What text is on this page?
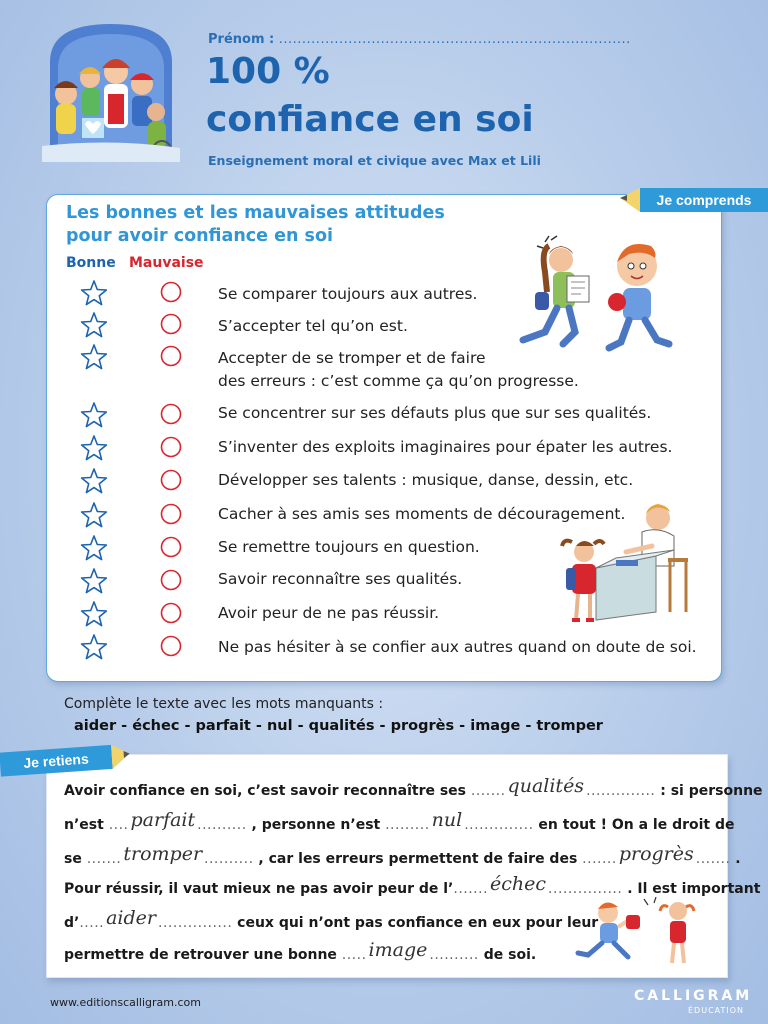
Prénom : ............................................................................
100 %
confiance en soi
Enseignement moral et civique avec Max et Lili
Je comprends
Les bonnes et les mauvaises attitudes
pour avoir confiance en soi
Bonne Mauvaise
Se comparer toujours aux autres.
S’accepter tel qu’on est.
Accepter de se tromper et de faire
des erreurs : c’est comme ça qu’on progresse.
Se concentrer sur ses défauts plus que sur ses qualités.
S’inventer des exploits imaginaires pour épater les autres.
Développer ses talents : musique, danse, dessin, etc.
Cacher à ses amis ses moments de découragement.
Se remettre toujours en question.
Savoir reconnaître ses qualités.
Avoir peur de ne pas réussir.
Ne pas hésiter à se confier aux autres quand on doute de soi.
Complète le texte avec les mots manquants :
aider - échec - parfait - nul - qualités - progrès - image - tromper
Je retiens
Avoir confiance en soi, c’est savoir reconnaître ses ....... qualités .............. : si personne
n’est .... parfait .......... , personne n’est ......... nul .............. en tout ! On a le droit de
se ....... tromper .......... , car les erreurs permettent de faire des ....... progrès ....... .
Pour réussir, il vaut mieux ne pas avoir peur de l’....... échec ............... . Il est important
d’..... aider ............... ceux qui n’ont pas confiance en eux pour leur
permettre de retrouver une bonne ..... image .......... de soi.
www.editionscalligram.com	CALLIGRAM
ÉDUCATION
